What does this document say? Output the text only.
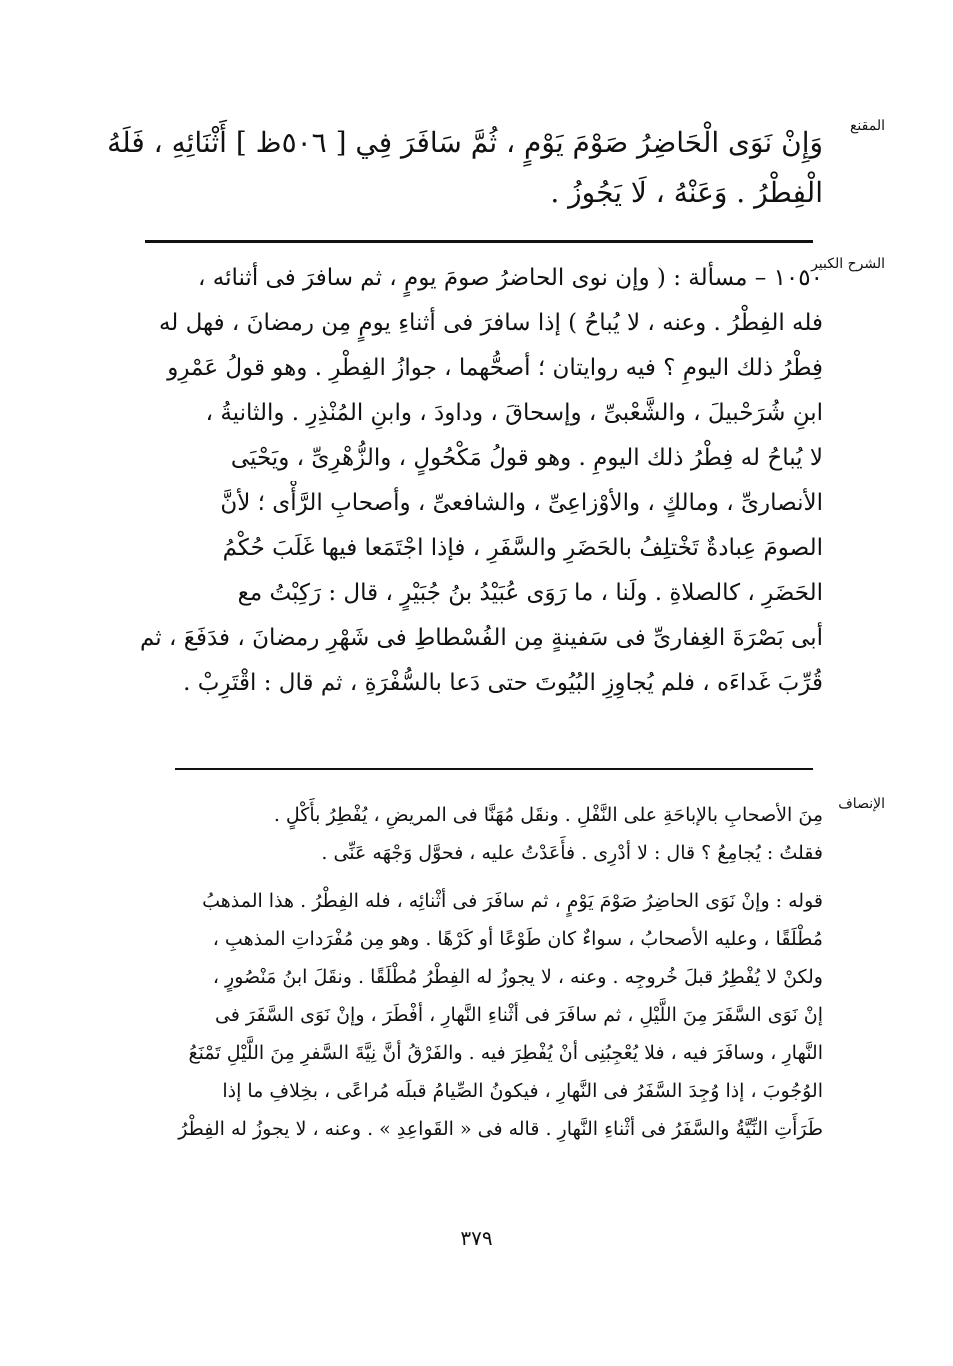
المقنع
وَإِنْ نَوَى الْحَاضِرُ صَوْمَ يَوْمٍ ، ثُمَّ سَافَرَ فِي [ ٥٠٦ظ ] أَثْنَائِهِ ، فَلَهُ
الْفِطْرُ . وَعَنْهُ ، لَا يَجُوزُ .
الشرح الكبير
١٠٥٠ – مسألة : ( وإن نوى الحاضرُ صومَ يومٍ ، ثم سافرَ فى أثنائه ،
فله الفِطْرُ . وعنه ، لا يُباحُ ) إذا سافرَ فى أثناءِ يومٍ مِن رمضانَ ، فهل له
فِطْرُ ذلك اليومِ ؟ فيه روايتان ؛ أصحُّهما ، جوازُ الفِطْرِ . وهو قولُ عَمْرِو
ابنِ شُرَحْبيلَ ، والشَّعْبىِّ ، وإسحاقَ ، وداودَ ، وابنِ المُنْذِرِ . والثانيةُ ،
لا يُباحُ له فِطْرُ ذلك اليومِ . وهو قولُ مَكْحُولٍ ، والزُّهْرِىِّ ، ويَحْيَى
الأنصارىِّ ، ومالكٍ ، والأوْزاعِىِّ ، والشافعىِّ ، وأصحابِ الرَّأْى ؛ لأنَّ
الصومَ عِبادةٌ تَخْتلِفُ بالحَضَرِ والسَّفَرِ ، فإذا اجْتَمَعا فيها غَلَبَ حُكْمُ
الحَضَرِ ، كالصلاةِ . ولَنا ، ما رَوَى عُبَيْدُ بنُ جُبَيْرٍ ، قال : رَكِبْتُ مع
أبى بَصْرَةَ الغِفارىِّ فى سَفينةٍ مِن الفُسْطاطِ فى شَهْرِ رمضانَ ، فدَفَعَ ، ثم
قُرِّبَ غَداءَه ، فلم يُجاوِزِ البُيُوتَ حتى دَعا بالسُّفْرَةِ ، ثم قال : اقْتَرِبْ .
الإنصاف
مِنَ الأصحابِ بالإباحَةِ على النَّفْلِ . ونقَل مُهَنَّا فى المريضِ ، يُفْطِرُ بأَكْلٍ .
فقلتُ : يُجامِعُ ؟ قال : لا أدْرِى . فأَعَدْتُ عليه ، فحوَّل وَجْهَه عَنِّى .
قوله : وإنْ نَوَى الحاضِرُ صَوْمَ يَوْمٍ ، ثم سافَرَ فى أثْنائِه ، فله الفِطْرُ . هذا المذهبُ
مُطْلَقًا ، وعليه الأصحابُ ، سواءٌ كان طَوْعًا أو كَرْهًا . وهو مِن مُفْرَداتِ المذهبِ ،
ولكنْ لا يُفْطِرُ قبلَ خُروجِه . وعنه ، لا يجوزُ له الفِطْرُ مُطْلَقًا . ونقَلَ ابنُ مَنْصُورٍ ،
إنْ نَوَى السَّفَرَ مِنَ اللَّيْلِ ، ثم سافَرَ فى أثْناءِ النَّهارِ ، أفْطَرَ ، وإنْ نَوَى السَّفَرَ فى
النَّهارِ ، وسافَرَ فيه ، فلا يُعْجِبُنِى أنْ يُفْطِرَ فيه . والفَرْقُ أنَّ نِيَّةَ السَّفرِ مِنَ اللَّيْلِ تَمْنَعُ
الوُجُوبَ ، إذا وُجِدَ السَّفَرُ فى النَّهارِ ، فيكونُ الصِّيامُ قبلَه مُراعًى ، بخِلافِ ما إذا
طَرَأَتِ النِّيَّةُ والسَّفَرُ فى أثْناءِ النَّهارِ . قاله فى « القَواعِدِ » . وعنه ، لا يجوزُ له الفِطْرُ
٣٧٩
